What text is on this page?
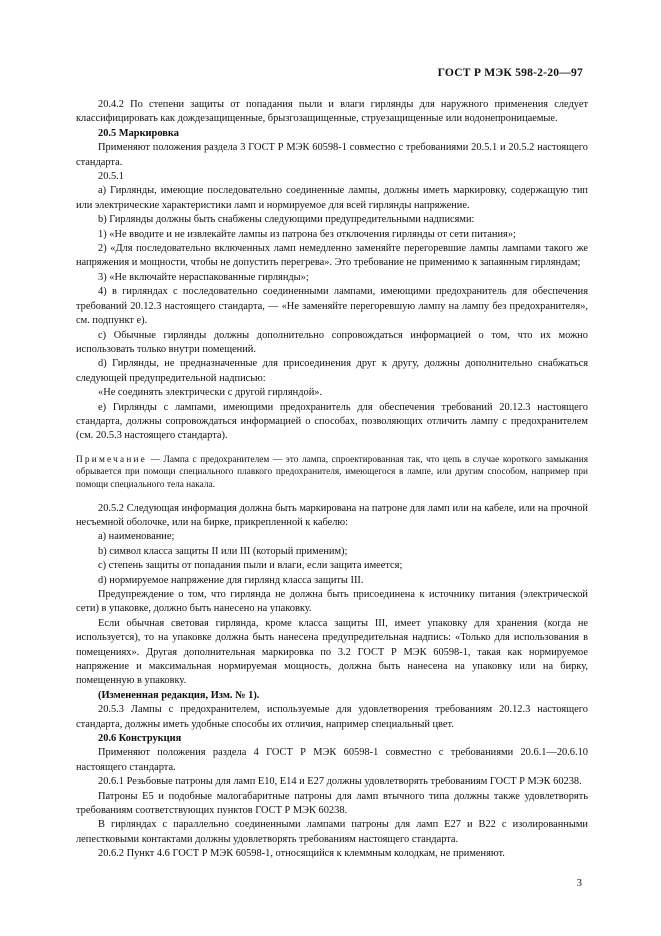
ГОСТ Р МЭК 598-2-20—97

20.4.2 По степени защиты от попадания пыли и влаги гирлянды для наружного применения следует классифицировать как дождезащищенные, брызгозащищенные, струезащищенные или водонепроницаемые.

20.5 Маркировка

Применяют положения раздела 3 ГОСТ Р МЭК 60598-1 совместно с требованиями 20.5.1 и 20.5.2 настоящего стандарта.

20.5.1

a) Гирлянды, имеющие последовательно соединенные лампы, должны иметь маркировку, содержащую тип или электрические характеристики ламп и нормируемое для всей гирлянды напряжение.

b) Гирлянды должны быть снабжены следующими предупредительными надписями:

1) «Не вводите и не извлекайте лампы из патрона без отключения гирлянды от сети питания»;

2) «Для последовательно включенных ламп немедленно заменяйте перегоревшие лампы лампами такого же напряжения и мощности, чтобы не допустить перегрева». Это требование не применимо к запаянным гирляндам;

3) «Не включайте нераспакованные гирлянды»;

4) в гирляндах с последовательно соединенными лампами, имеющими предохранитель для обеспечения требований 20.12.3 настоящего стандарта, — «Не заменяйте перегоревшую лампу на лампу без предохранителя», см. подпункт е).

c) Обычные гирлянды должны дополнительно сопровождаться информацией о том, что их можно использовать только внутри помещений.

d) Гирлянды, не предназначенные для присоединения друг к другу, должны дополнительно снабжаться следующей предупредительной надписью:

«Не соединять электрически с другой гирляндой».

e) Гирлянды с лампами, имеющими предохранитель для обеспечения требований 20.12.3 настоящего стандарта, должны сопровождаться информацией о способах, позволяющих отличить лампу с предохранителем (см. 20.5.3 настоящего стандарта).

Примечание — Лампа с предохранителем — это лампа, спроектированная так, что цепь в случае короткого замыкания обрывается при помощи специального плавкого предохранителя, имеющегося в лампе, или другим способом, например при помощи специального тела накала.

20.5.2 Следующая информация должна быть маркирована на патроне для ламп или на кабеле, или на прочной несъемной оболочке, или на бирке, прикрепленной к кабелю:

a) наименование;

b) символ класса защиты II или III (который применим);

c) степень защиты от попадания пыли и влаги, если защита имеется;

d) нормируемое напряжение для гирлянд класса защиты III.

Предупреждение о том, что гирлянда не должна быть присоединена к источнику питания (электрической сети) в упаковке, должно быть нанесено на упаковку.

Если обычная световая гирлянда, кроме класса защиты III, имеет упаковку для хранения (когда не используется), то на упаковке должна быть нанесена предупредительная надпись: «Только для использования в помещениях». Другая дополнительная маркировка по 3.2 ГОСТ Р МЭК 60598-1, такая как нормируемое напряжение и максимальная нормируемая мощность, должна быть нанесена на упаковку или на бирку, помещенную в упаковку.

(Измененная редакция, Изм. № 1).

20.5.3 Лампы с предохранителем, используемые для удовлетворения требованиям 20.12.3 настоящего стандарта, должны иметь удобные способы их отличия, например специальный цвет.

20.6 Конструкция

Применяют положения раздела 4 ГОСТ Р МЭК 60598-1 совместно с требованиями 20.6.1—20.6.10 настоящего стандарта.

20.6.1 Резьбовые патроны для ламп Е10, Е14 и Е27 должны удовлетворять требованиям ГОСТ Р МЭК 60238.

Патроны Е5 и подобные малогабаритные патроны для ламп втычного типа должны также удовлетворять требованиям соответствующих пунктов ГОСТ Р МЭК 60238.

В гирляндах с параллельно соединенными лампами патроны для ламп Е27 и В22 с изолированными лепестковыми контактами должны удовлетворять требованиям настоящего стандарта.

20.6.2 Пункт 4.6 ГОСТ Р МЭК 60598-1, относящийся к клеммным колодкам, не применяют.

3
